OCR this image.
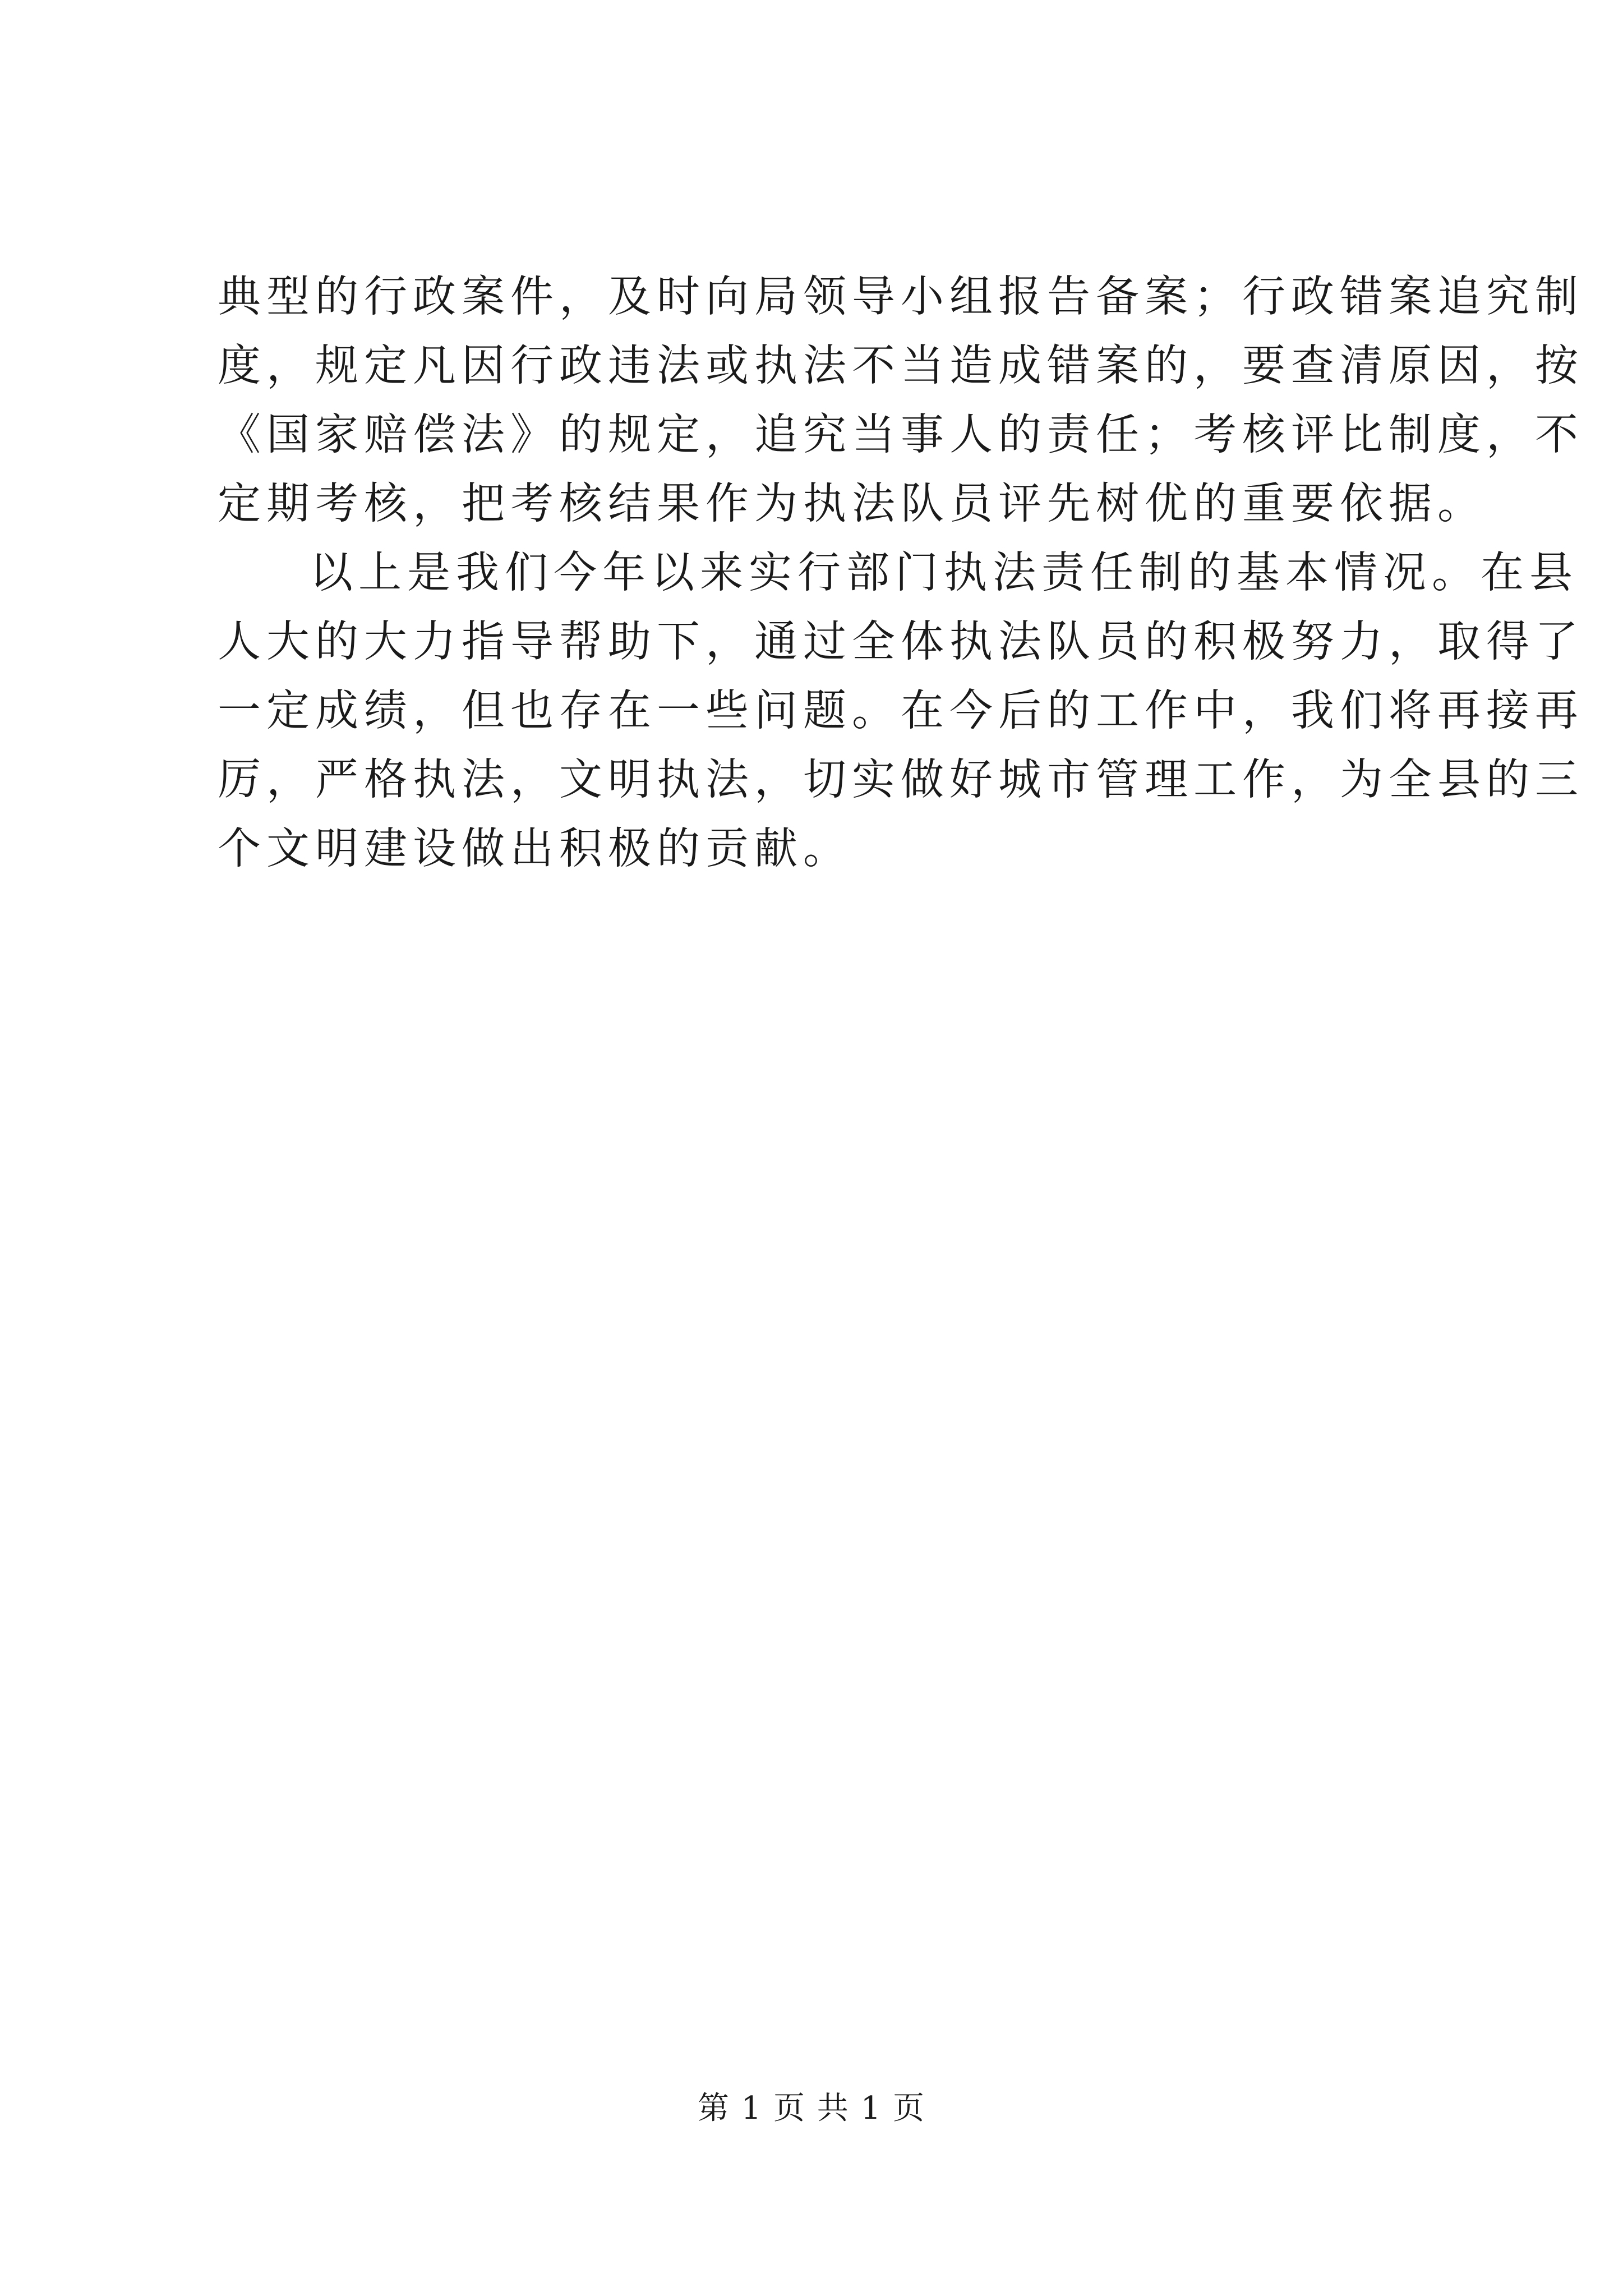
典型的行政案件，及时向局领导小组报告备案；行政错案追究制
度，规定凡因行政违法或执法不当造成错案的，要查清原因，按
《国家赔偿法》的规定，追究当事人的责任；考核评比制度，不
定期考核，把考核结果作为执法队员评先树优的重要依据。

以上是我们今年以来实行部门执法责任制的基本情况。在县
人大的大力指导帮助下，通过全体执法队员的积极努力，取得了
一定成绩，但也存在一些问题。在今后的工作中，我们将再接再
厉，严格执法，文明执法，切实做好城市管理工作，为全县的三
个文明建设做出积极的贡献。

第 1 页 共 1 页
